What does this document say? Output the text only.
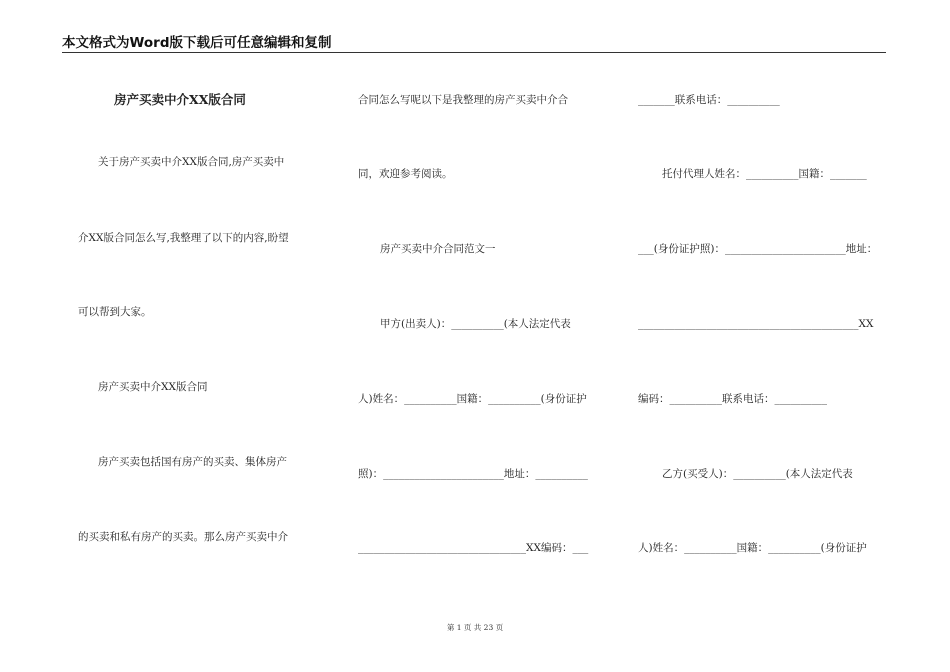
本文格式为Word版下载后可任意编辑和复制
房产买卖中介XX版合同
关于房产买卖中介XX版合同,房产买卖中
介XX版合同怎么写,我整理了以下的内容,盼望
可以帮到大家。
房产买卖中介XX版合同
房产买卖包括国有房产的买卖、集体房产
的买卖和私有房产的买卖。那么房产买卖中介
合同怎么写呢以下是我整理的房产买卖中介合
同，欢迎参考阅读。
房产买卖中介合同范文一
甲方(出卖人)：__________(本人法定代表
人)姓名：__________国籍：__________(身份证护
照)：_______________________地址：__________
________________________________XX编码：___
_______联系电话：__________
托付代理人姓名：__________国籍：_______
___(身份证护照)：_______________________地址：
__________________________________________XX
编码：__________联系电话：__________
乙方(买受人)：__________(本人法定代表
人)姓名：__________国籍：__________(身份证护
第 1 页 共 23 页
